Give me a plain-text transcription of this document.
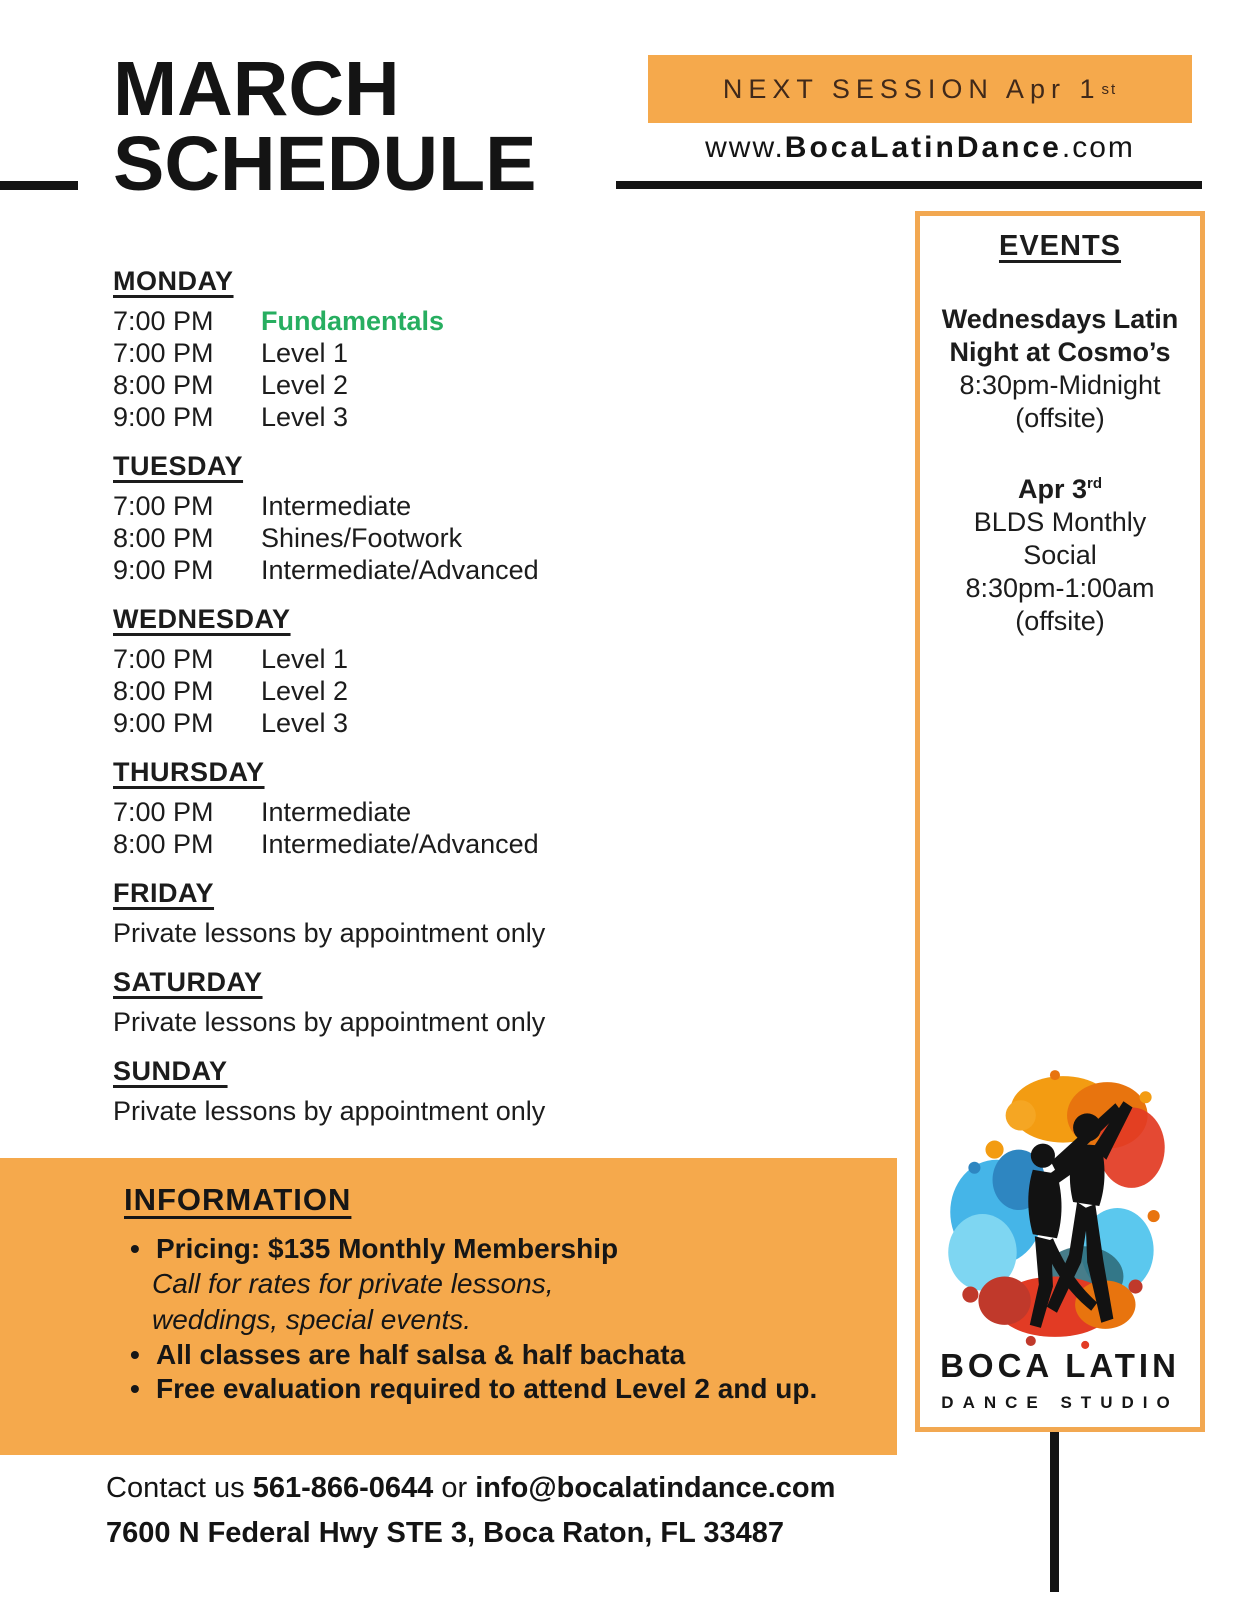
MARCH
SCHEDULE
NEXT SESSION Apr 1 st
www.BocaLatinDance.com
MONDAY
7:00 PM	Fundamentals
7:00 PM	Level 1
8:00 PM	Level 2
9:00 PM	Level 3
TUESDAY
7:00 PM	Intermediate
8:00 PM	Shines/Footwork
9:00 PM	Intermediate/Advanced
WEDNESDAY
7:00 PM	Level 1
8:00 PM	Level 2
9:00 PM	Level 3
THURSDAY
7:00 PM	Intermediate
8:00 PM	Intermediate/Advanced
FRIDAY
Private lessons by appointment only
SATURDAY
Private lessons by appointment only
SUNDAY
Private lessons by appointment only
EVENTS
Wednesdays Latin Night at Cosmo’s
8:30pm-Midnight
(offsite)
Apr 3rd
BLDS Monthly Social
8:30pm-1:00am
(offsite)
BOCA LATIN
DANCE STUDIO
INFORMATION
• Pricing: $135 Monthly Membership
Call for rates for private lessons,
weddings, special events.
• All classes are half salsa & half bachata
• Free evaluation required to attend Level 2 and up.
Contact us 561-866-0644 or info@bocalatindance.com
7600 N Federal Hwy STE 3, Boca Raton, FL 33487
